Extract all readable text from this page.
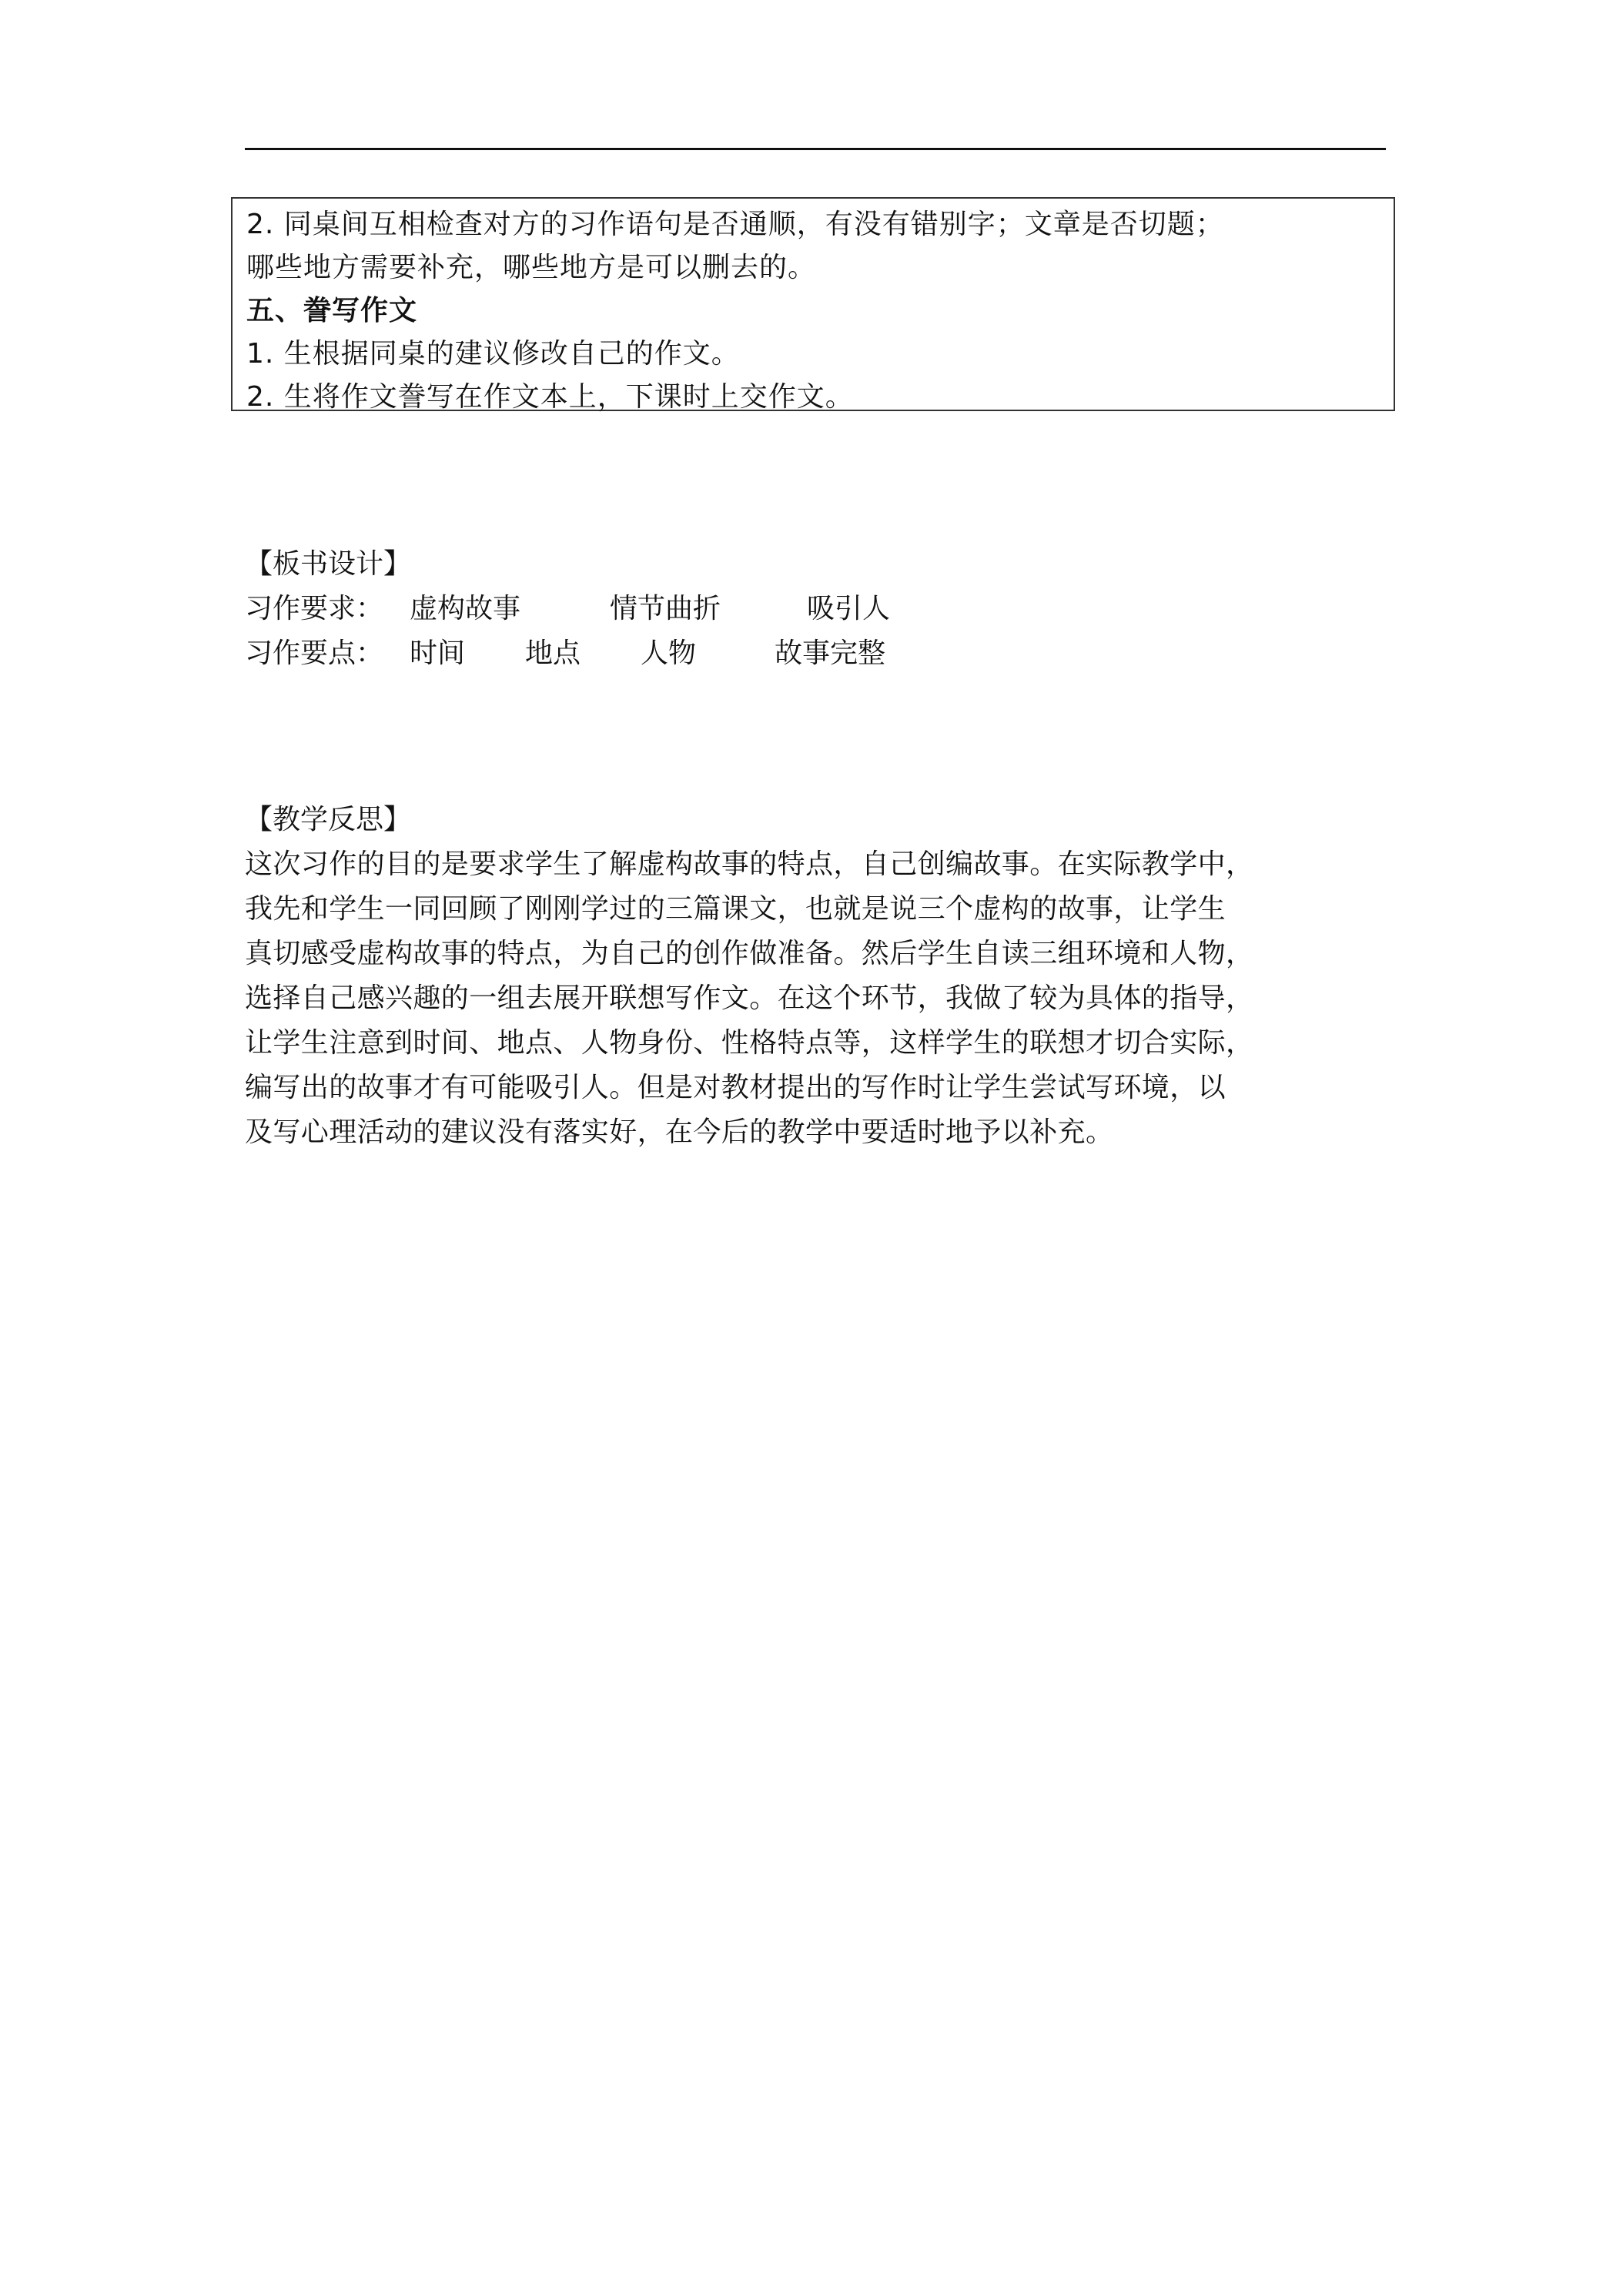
2. 同桌间互相检查对方的习作语句是否通顺，有没有错别字；文章是否切题；
哪些地方需要补充，哪些地方是可以删去的。
五、誊写作文
1. 生根据同桌的建议修改自己的作文。
2. 生将作文誊写在作文本上，下课时上交作文。
【板书设计】
习作要求： 虚构故事	情节曲折	吸引人
习作要点： 时间	地点	人物	故事完整
【教学反思】
这次习作的目的是要求学生了解虚构故事的特点，自己创编故事。在实际教学中，
我先和学生一同回顾了刚刚学过的三篇课文，也就是说三个虚构的故事，让学生
真切感受虚构故事的特点，为自己的创作做准备。然后学生自读三组环境和人物，
选择自己感兴趣的一组去展开联想写作文。在这个环节，我做了较为具体的指导，
让学生注意到时间、地点、人物身份、性格特点等，这样学生的联想才切合实际，
编写出的故事才有可能吸引人。但是对教材提出的写作时让学生尝试写环境，以
及写心理活动的建议没有落实好，在今后的教学中要适时地予以补充。
